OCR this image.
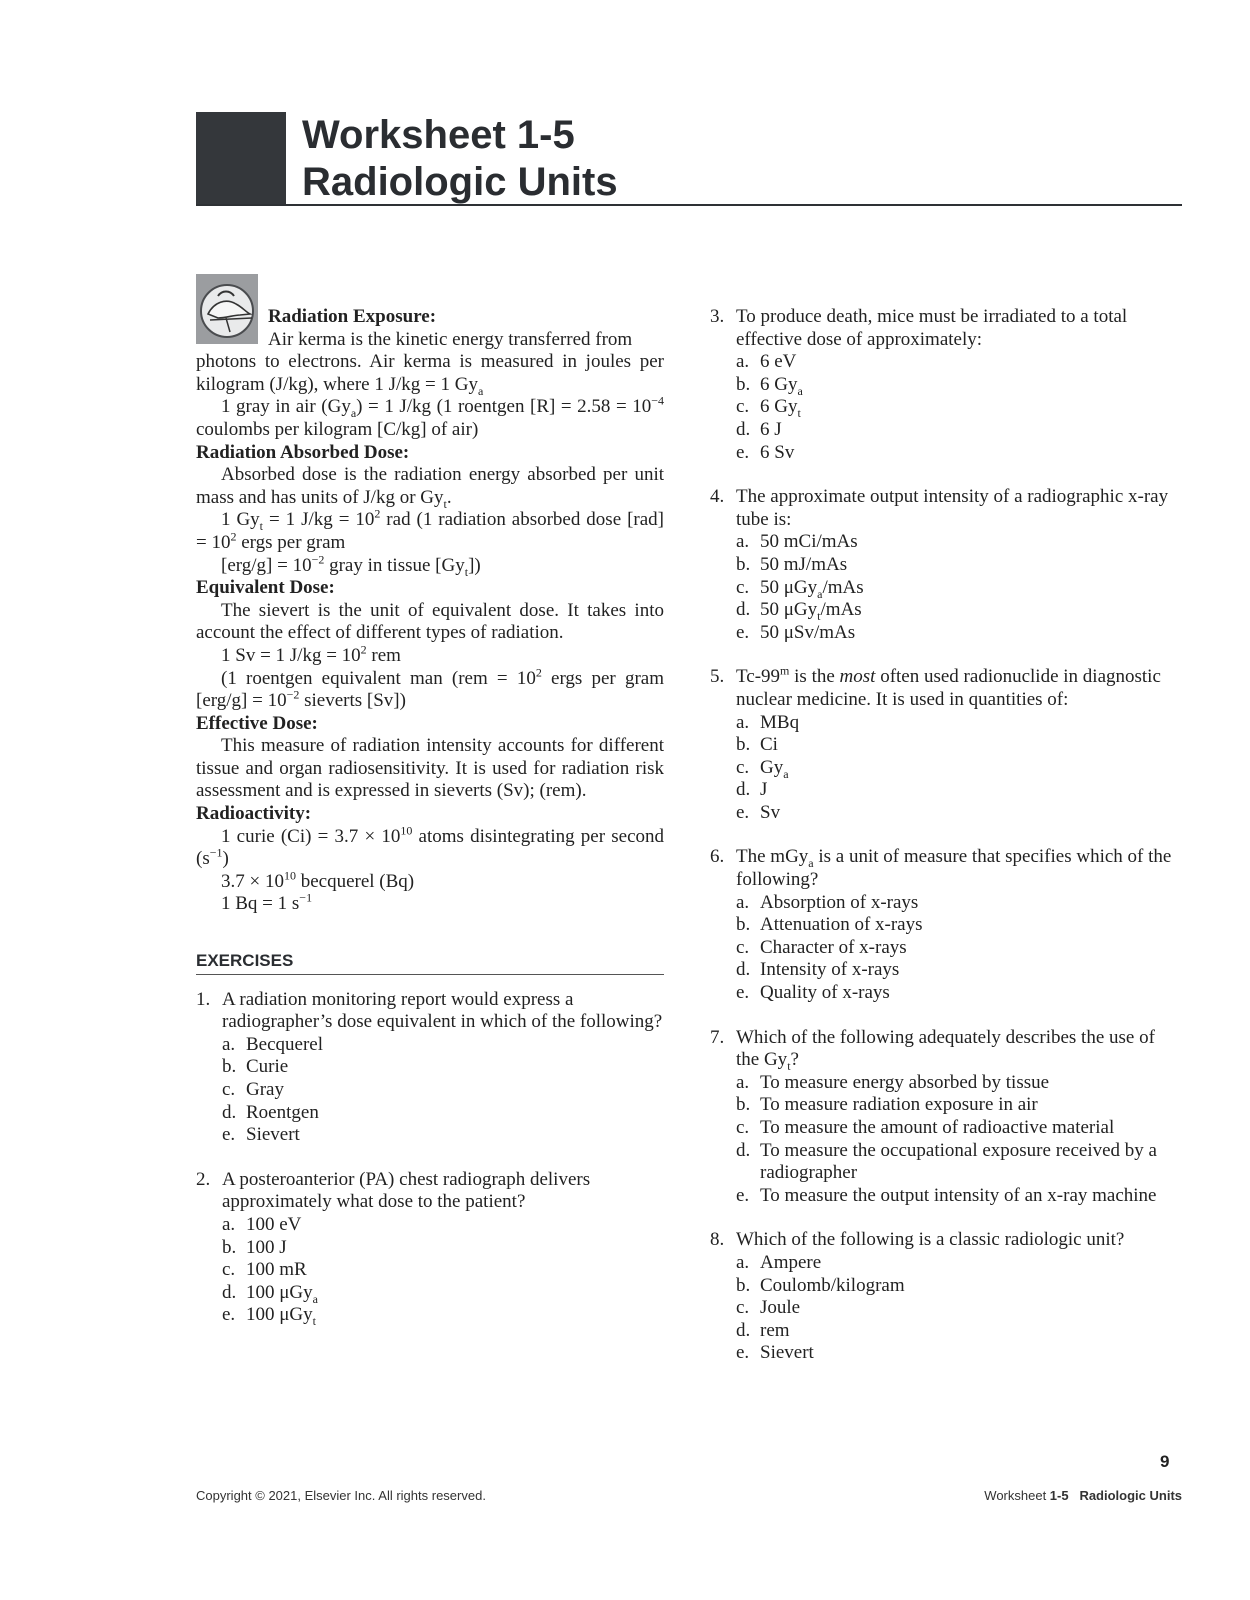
Worksheet 1-5
Radiologic Units

Radiation Exposure:

Air kerma is the kinetic energy transferred from

photons to electrons. Air kerma is measured in joules per kilogram (J/kg), where 1 J/kg = 1 $Gy_a$

1 gray in air $(Gy_a) = 1$ J/kg (1 roentgen $[R] = 2.58 = 10^{-4}$ coulombs per kilogram [C/kg] of air)

Radiation Absorbed Dose:

Absorbed dose is the radiation energy absorbed per unit mass and has units of J/kg or $Gy_t$.

1 $Gy_t = 1$ $J/kg = 10^2$ rad (1 radiation absorbed dose $[rad] = 10^2$ ergs per gram

$[erg/g] = 10^{-2}$ gray in tissue $[Gy_t]$)

Equivalent Dose:

The sievert is the unit of equivalent dose. It takes into account the effect of different types of radiation.

1 Sv = 1 $J/kg = 10^2$ rem

(1 roentgen equivalent man ($rem = 10^2$ ergs per gram $[erg/g] = 10^{-2}$ sieverts [Sv])

Effective Dose:

This measure of radiation intensity accounts for different tissue and organ radiosensitivity. It is used for radiation risk assessment and is expressed in sieverts (Sv); (rem).

Radioactivity:

1 curie $(Ci) = 3.7 \times 10^{10}$ atoms disintegrating per second $(s^{-1})$

$3.7 \times 10^{10}$ becquerel (Bq)

1 Bq = 1 $s^{-1}$

EXERCISES
1. A radiation monitoring report would express a radiographer’s dose equivalent in which of the following?
a. Becquerel
b. Curie
c. Gray
d. Roentgen
e. Sievert
2. A posteroanterior (PA) chest radiograph delivers approximately what dose to the patient?
a. 100 eV
b. 100 J
c. 100 mR
d. 100 μGy$_a$
e. 100 μGy$_t$
3. To produce death, mice must be irradiated to a total effective dose of approximately:
a. 6 eV
b. 6 $Gy_a$
c. 6 $Gy_t$
d. 6 J
e. 6 Sv
4. The approximate output intensity of a radiographic x-ray tube is:
a. 50 mCi/mAs
b. 50 mJ/mAs
c. 50 μGy$_a$/mAs
d. 50 μGy$_t$/mAs
e. 50 μSv/mAs
5. Tc-99$^m$ is the most often used radionuclide in diagnostic nuclear medicine. It is used in quantities of:
a. MBq
b. Ci
c. $Gy_a$
d. J
e. Sv
6. The mGy$_a$ is a unit of measure that specifies which of the following?
a. Absorption of x-rays
b. Attenuation of x-rays
c. Character of x-rays
d. Intensity of x-rays
e. Quality of x-rays
7. Which of the following adequately describes the use of the $Gy_t$?
a. To measure energy absorbed by tissue
b. To measure radiation exposure in air
c. To measure the amount of radioactive material
d. To measure the occupational exposure received by a radiographer
e. To measure the output intensity of an x-ray machine
8. Which of the following is a classic radiologic unit?
a. Ampere
b. Coulomb/kilogram
c. Joule
d. rem
e. Sievert
9
Copyright © 2021, Elsevier Inc. All rights reserved.	Worksheet 1-5 Radiologic Units
